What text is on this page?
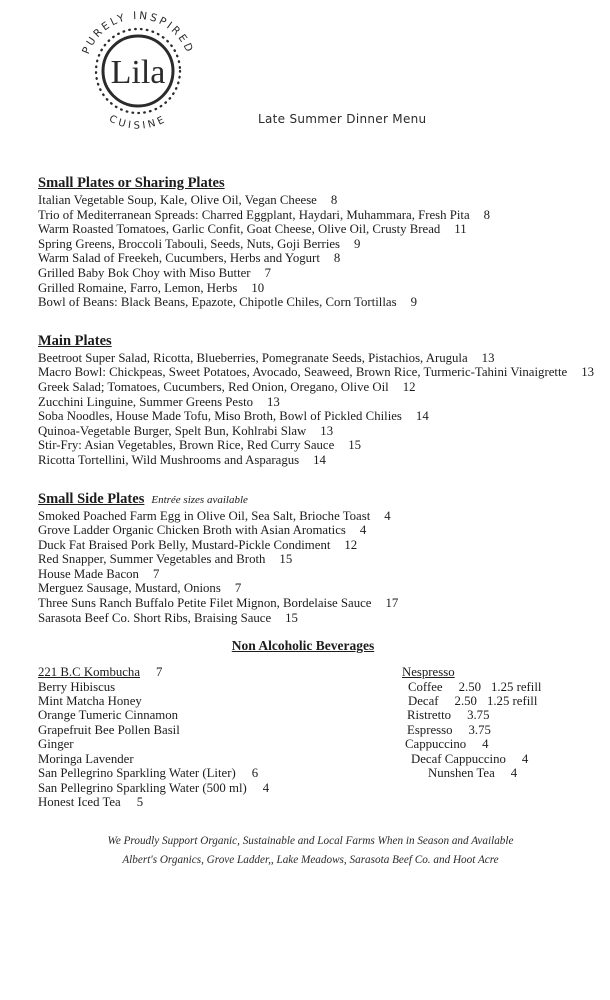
PURELY INSPIRED
Lila
CUISINE	Late Summer Dinner Menu
Small Plates or Sharing Plates
Italian Vegetable Soup, Kale, Olive Oil, Vegan Cheese 8
Trio of Mediterranean Spreads: Charred Eggplant, Haydari, Muhammara, Fresh Pita 8
Warm Roasted Tomatoes, Garlic Confit, Goat Cheese, Olive Oil, Crusty Bread 11
Spring Greens, Broccoli Tabouli, Seeds, Nuts, Goji Berries 9
Warm Salad of Freekeh, Cucumbers, Herbs and Yogurt 8
Grilled Baby Bok Choy with Miso Butter 7
Grilled Romaine, Farro, Lemon, Herbs 10
Bowl of Beans: Black Beans, Epazote, Chipotle Chiles, Corn Tortillas 9
Main Plates
Beetroot Super Salad, Ricotta, Blueberries, Pomegranate Seeds, Pistachios, Arugula 13
Macro Bowl: Chickpeas, Sweet Potatoes, Avocado, Seaweed, Brown Rice, Turmeric-Tahini Vinaigrette 13
Greek Salad; Tomatoes, Cucumbers, Red Onion, Oregano, Olive Oil 12
Zucchini Linguine, Summer Greens Pesto 13
Soba Noodles, House Made Tofu, Miso Broth, Bowl of Pickled Chilies 14
Quinoa-Vegetable Burger, Spelt Bun, Kohlrabi Slaw 13
Stir-Fry: Asian Vegetables, Brown Rice, Red Curry Sauce 15
Ricotta Tortellini, Wild Mushrooms and Asparagus 14
Small Side Plates Entrée sizes available
Smoked Poached Farm Egg in Olive Oil, Sea Salt, Brioche Toast 4
Grove Ladder Organic Chicken Broth with Asian Aromatics 4
Duck Fat Braised Pork Belly, Mustard-Pickle Condiment 12
Red Snapper, Summer Vegetables and Broth 15
House Made Bacon 7
Merguez Sausage, Mustard, Onions 7
Three Suns Ranch Buffalo Petite Filet Mignon, Bordelaise Sauce 17
Sarasota Beef Co. Short Ribs, Braising Sauce 15
Non Alcoholic Beverages
221 B.C Kombucha 7
Berry Hibiscus
Mint Matcha Honey
Orange Tumeric Cinnamon
Grapefruit Bee Pollen Basil
Ginger
Moringa Lavender
San Pellegrino Sparkling Water (Liter) 6
San Pellegrino Sparkling Water (500 ml) 4
Honest Iced Tea 5
Nespresso
Coffee 2.50 1.25 refill
Decaf 2.50 1.25 refill
Ristretto 3.75
Espresso 3.75
Cappuccino 4
Decaf Cappuccino 4
Nunshen Tea 4
We Proudly Support Organic, Sustainable and Local Farms When in Season and Available
Albert's Organics, Grove Ladder,, Lake Meadows, Sarasota Beef Co. and Hoot Acre
